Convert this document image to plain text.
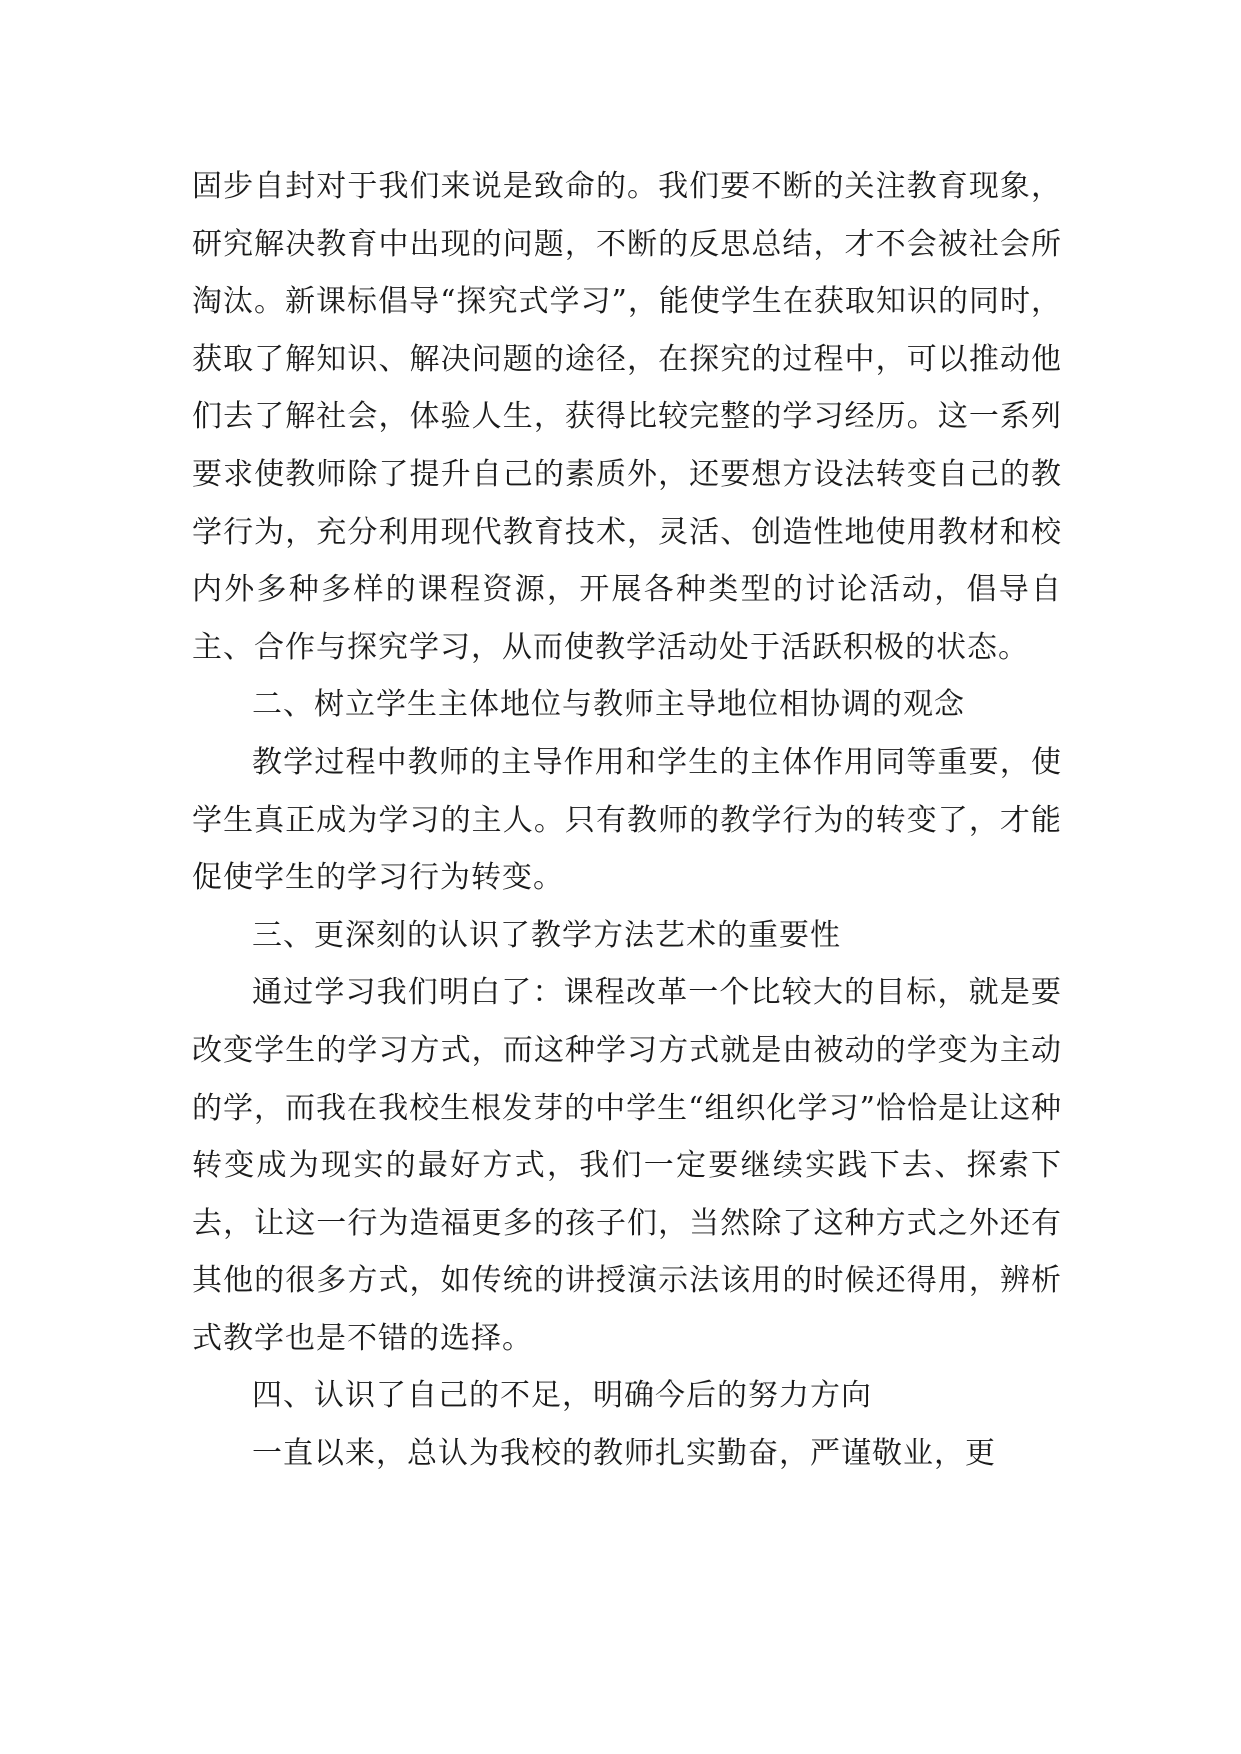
固步自封对于我们来说是致命的。我们要不断的关注教育现象，研究解决教育中出现的问题，不断的反思总结，才不会被社会所淘汰。新课标倡导“探究式学习”，能使学生在获取知识的同时，获取了解知识、解决问题的途径，在探究的过程中，可以推动他们去了解社会，体验人生，获得比较完整的学习经历。这一系列要求使教师除了提升自己的素质外，还要想方设法转变自己的教学行为，充分利用现代教育技术，灵活、创造性地使用教材和校内外多种多样的课程资源，开展各种类型的讨论活动，倡导自主、合作与探究学习，从而使教学活动处于活跃积极的状态。

二、树立学生主体地位与教师主导地位相协调的观念

教学过程中教师的主导作用和学生的主体作用同等重要，使学生真正成为学习的主人。只有教师的教学行为的转变了，才能促使学生的学习行为转变。

三、更深刻的认识了教学方法艺术的重要性

通过学习我们明白了：课程改革一个比较大的目标，就是要改变学生的学习方式，而这种学习方式就是由被动的学变为主动的学，而我在我校生根发芽的中学生“组织化学习”恰恰是让这种转变成为现实的最好方式，我们一定要继续实践下去、探索下去，让这一行为造福更多的孩子们，当然除了这种方式之外还有其他的很多方式，如传统的讲授演示法该用的时候还得用，辨析式教学也是不错的选择。

四、认识了自己的不足，明确今后的努力方向

一直以来，总认为我校的教师扎实勤奋，严谨敬业，更
